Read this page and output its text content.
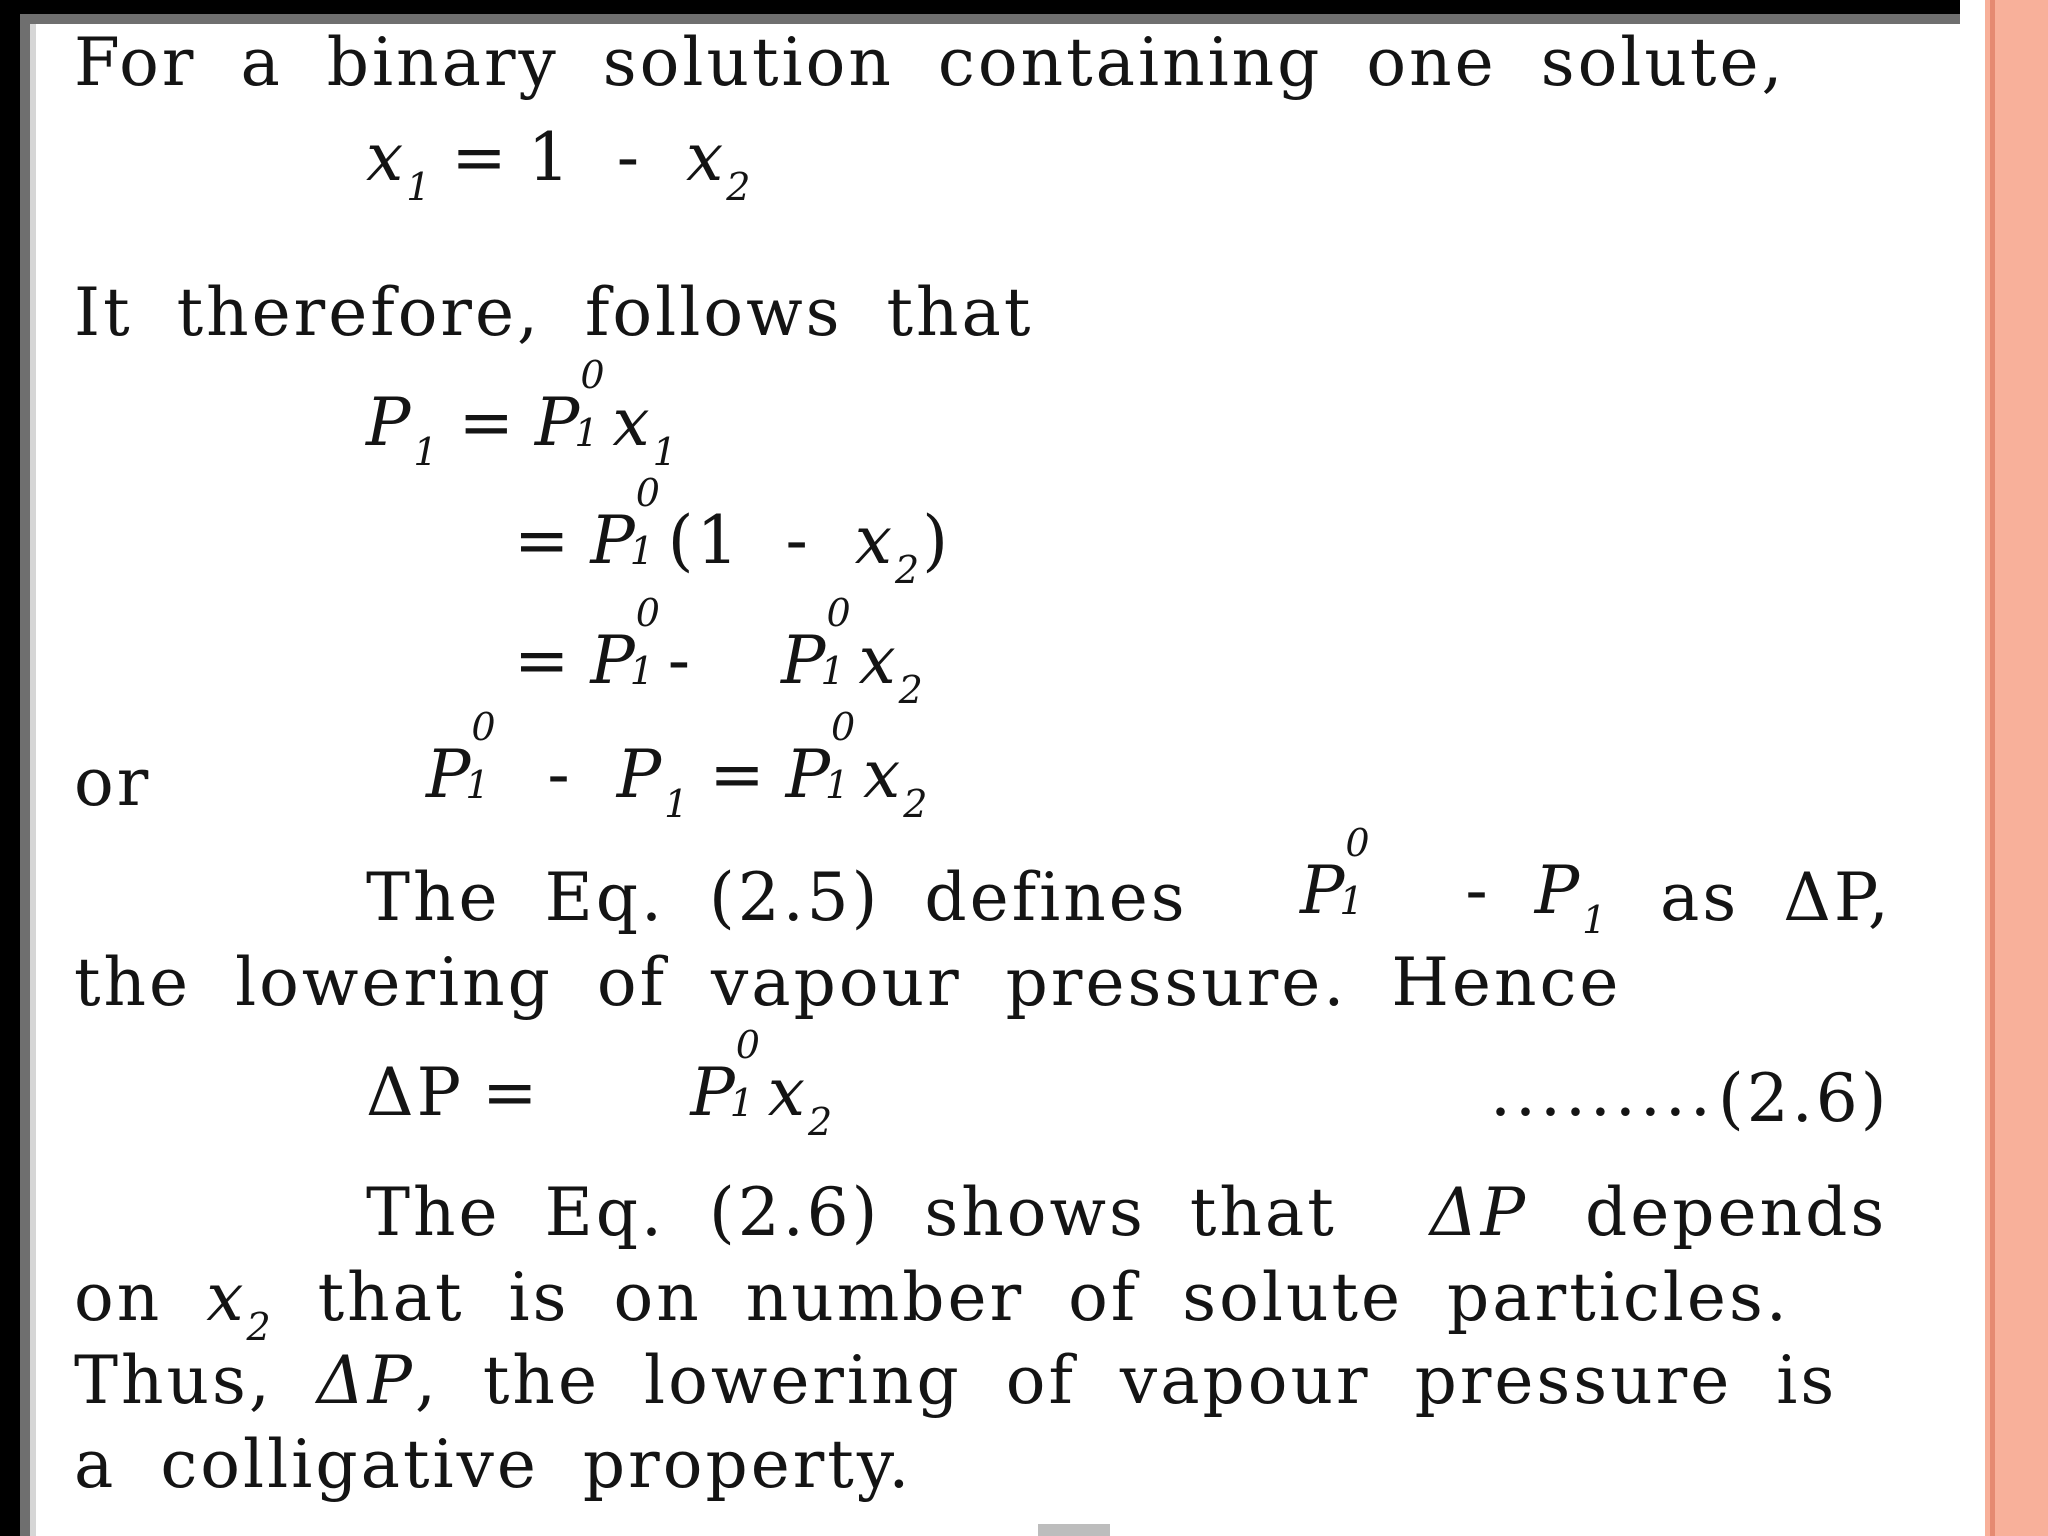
For a binary solution containing one solute,
$x_1 = 1 - x_2$
It therefore, follows that
$P_1 = P$
0
1 $x_1$
= P
0
1 $(1 - x_2)$
= P
0
1 - P
0
1 $x_2$
or	P
0
$1 - P_1 = P$
0
1 $x_2$
The Eq. (2.5) defines P
0
$1 - P_1$ as ΔP,
the lowering of vapour pressure. Hence
ΔP = P
0
1 $x_2$	......... (2.6)
The Eq. (2.6) shows that ΔP depends
on $x_2$ that is on number of solute particles.
Thus, ΔP, the lowering of vapour pressure is
a colligative property.
